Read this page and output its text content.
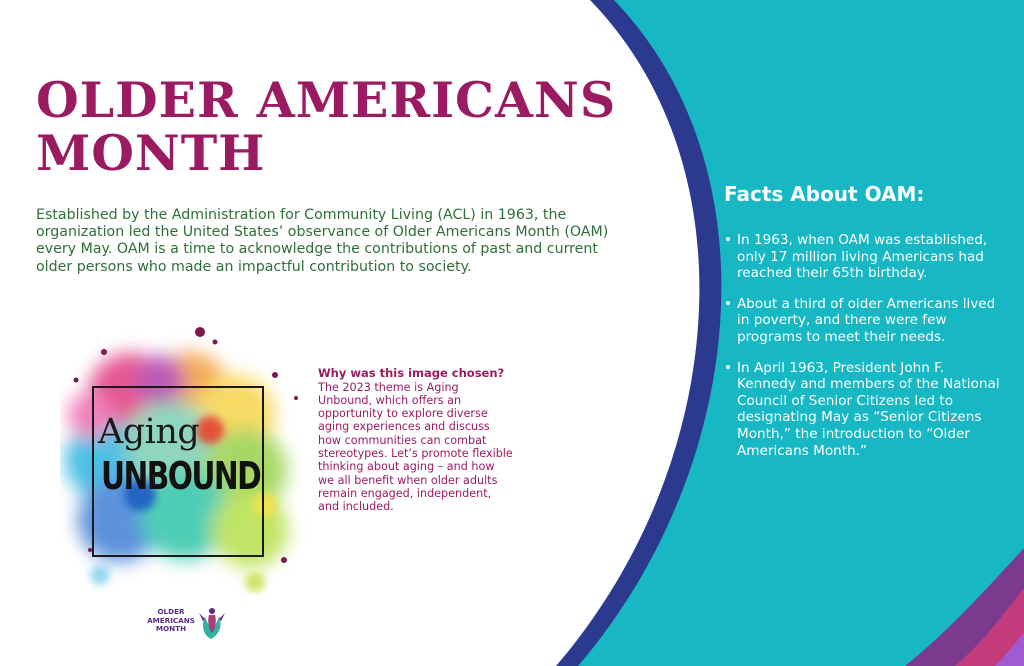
OLDER AMERICANS
MONTH

Established by the Administration for Community Living (ACL) in 1963, the organization led the United States’ observance of Older Americans Month (OAM) every May. OAM is a time to acknowledge the contributions of past and current older persons who made an impactful contribution to society.

Aging
UNBOUND

Why was this image chosen?

The 2023 theme is Aging Unbound, which offers an opportunity to explore diverse aging experiences and discuss how communities can combat stereotypes. Let’s promote flexible thinking about aging – and how we all benefit when older adults remain engaged, independent, and included.

OLDER
AMERICANS
MONTH
Facts About OAM:
• In 1963, when OAM was established, only 17 million living Americans had reached their 65th birthday.
• About a third of older Americans lived in poverty, and there were few programs to meet their needs.
• In April 1963, President John F. Kennedy and members of the National Council of Senior Citizens led to designating May as “Senior Citizens Month,” the introduction to “Older Americans Month.”
